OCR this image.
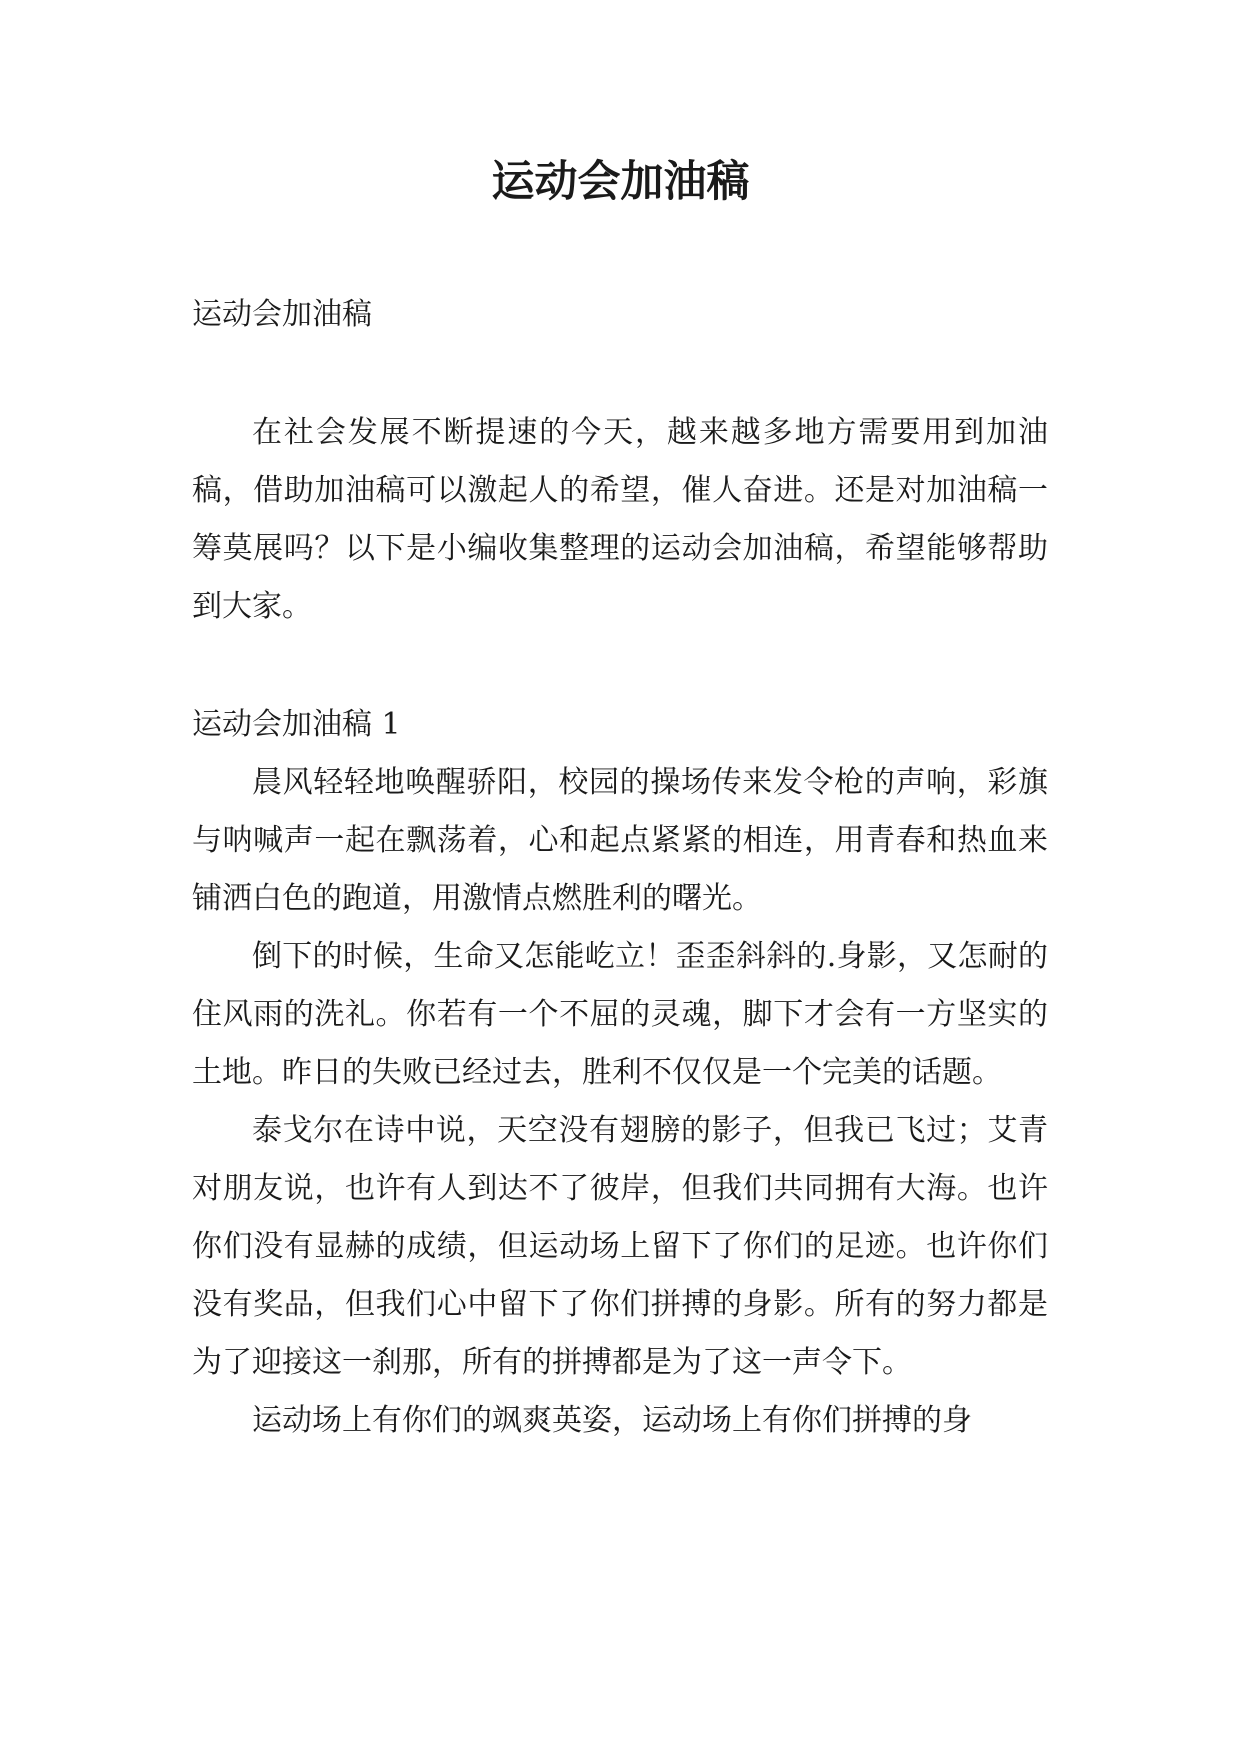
运动会加油稿

运动会加油稿

在社会发展不断提速的今天，越来越多地方需要用到加油稿，借助加油稿可以激起人的希望，催人奋进。还是对加油稿一筹莫展吗？以下是小编收集整理的运动会加油稿，希望能够帮助到大家。

运动会加油稿 1

晨风轻轻地唤醒骄阳，校园的操场传来发令枪的声响，彩旗与呐喊声一起在飘荡着，心和起点紧紧的相连，用青春和热血来铺洒白色的跑道，用激情点燃胜利的曙光。

倒下的时候，生命又怎能屹立！歪歪斜斜的.身影，又怎耐的住风雨的洗礼。你若有一个不屈的灵魂，脚下才会有一方坚实的土地。昨日的失败已经过去，胜利不仅仅是一个完美的话题。

泰戈尔在诗中说，天空没有翅膀的影子，但我已飞过；艾青对朋友说，也许有人到达不了彼岸，但我们共同拥有大海。也许你们没有显赫的成绩，但运动场上留下了你们的足迹。也许你们没有奖品，但我们心中留下了你们拼搏的身影。所有的努力都是为了迎接这一刹那，所有的拼搏都是为了这一声令下。

运动场上有你们的飒爽英姿，运动场上有你们拼搏的身
